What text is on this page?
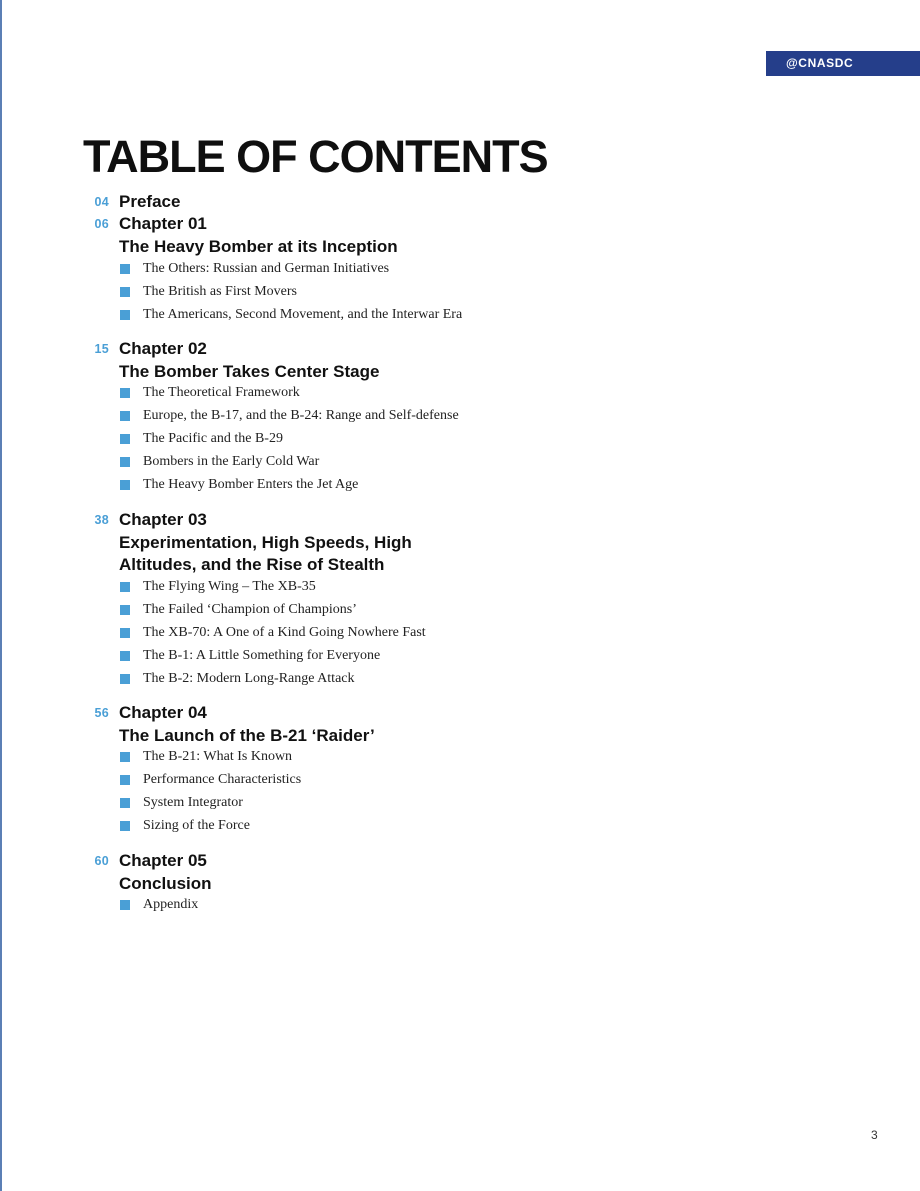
@CNASDC
TABLE OF CONTENTS
04 Preface
06 Chapter 01
The Heavy Bomber at its Inception
The Others: Russian and German Initiatives
The British as First Movers
The Americans, Second Movement, and the Interwar Era
15 Chapter 02
The Bomber Takes Center Stage
The Theoretical Framework
Europe, the B-17, and the B-24: Range and Self-defense
The Pacific and the B-29
Bombers in the Early Cold War
The Heavy Bomber Enters the Jet Age
38 Chapter 03
Experimentation, High Speeds, High
Altitudes, and the Rise of Stealth
The Flying Wing – The XB-35
The Failed ‘Champion of Champions’
The XB-70: A One of a Kind Going Nowhere Fast
The B-1: A Little Something for Everyone
The B-2: Modern Long-Range Attack
56 Chapter 04
The Launch of the B-21 ‘Raider’
The B-21: What Is Known
Performance Characteristics
System Integrator
Sizing of the Force
60 Chapter 05
Conclusion
Appendix
3
